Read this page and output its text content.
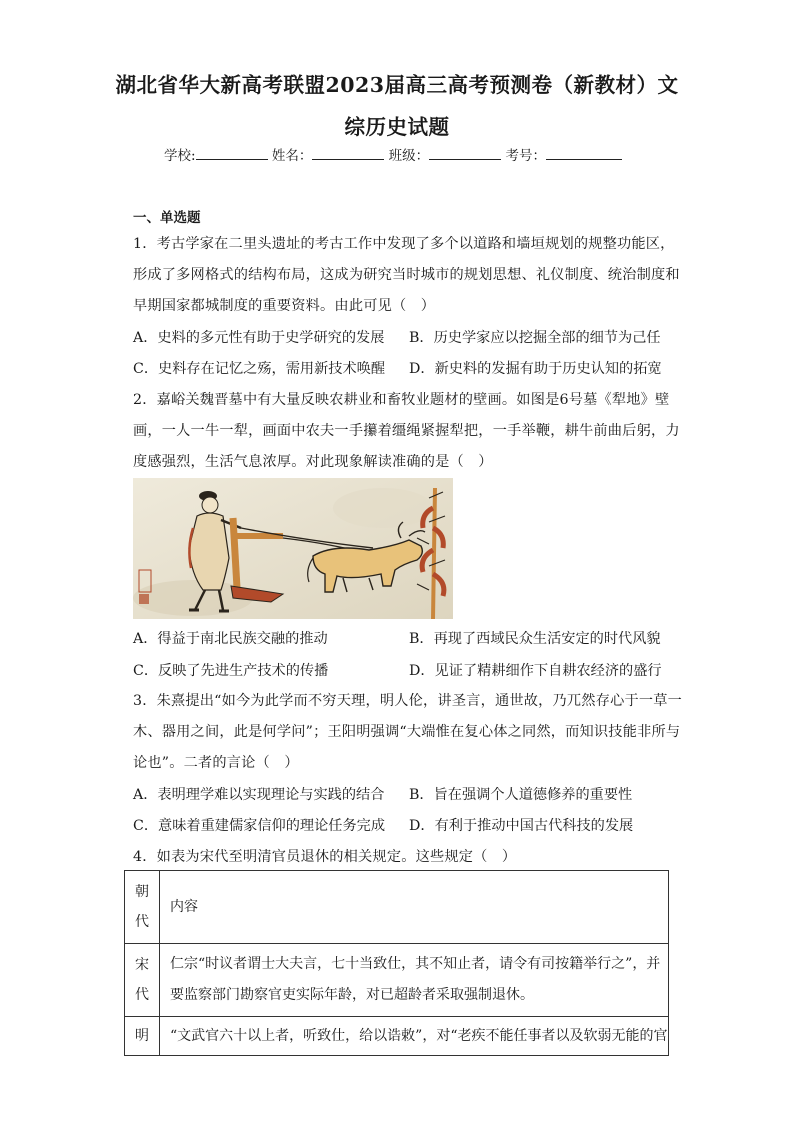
湖北省华大新高考联盟2023届高三高考预测卷（新教材）文
综历史试题
学校:	姓名：	班级：	考号：
一、单选题
1．考古学家在二里头遗址的考古工作中发现了多个以道路和墙垣规划的规整功能区，
形成了多网格式的结构布局，这成为研究当时城市的规划思想、礼仪制度、统治制度和
早期国家都城制度的重要资料。由此可见（　）
A．史料的多元性有助于史学研究的发展 B．历史学家应以挖掘全部的细节为己任
C．史料存在记忆之殇，需用新技术唤醒 D．新史料的发掘有助于历史认知的拓宽
2．嘉峪关魏晋墓中有大量反映农耕业和畜牧业题材的壁画。如图是6号墓《犁地》壁
画，一人一牛一犁，画面中农夫一手攥着缰绳紧握犁把，一手举鞭，耕牛前曲后躬，力
度感强烈，生活气息浓厚。对此现象解读准确的是（　）
A．得益于南北民族交融的推动	B．再现了西域民众生活安定的时代风貌
C．反映了先进生产技术的传播	D．见证了精耕细作下自耕农经济的盛行
3．朱熹提出“如今为此学而不穷天理，明人伦，讲圣言，通世故，乃兀然存心于一草一
木、器用之间，此是何学问”；王阳明强调“大端惟在复心体之同然，而知识技能非所与
论也”。二者的言论（　）
A．表明理学难以实现理论与实践的结合 B．旨在强调个人道德修养的重要性
C．意味着重建儒家信仰的理论任务完成 D．有利于推动中国古代科技的发展
4．如表为宋代至明清官员退休的相关规定。这些规定（　）
朝代	内容

宋代	仁宗“时议者谓士大夫言，七十当致仕，其不知止者，请令有司按籍举行之”，并
要监察部门勘察官吏实际年龄，对已超龄者采取强制退休。

明	“文武官六十以上者，听致仕，给以诰敕”，对“老疾不能任事者以及软弱无能的官
